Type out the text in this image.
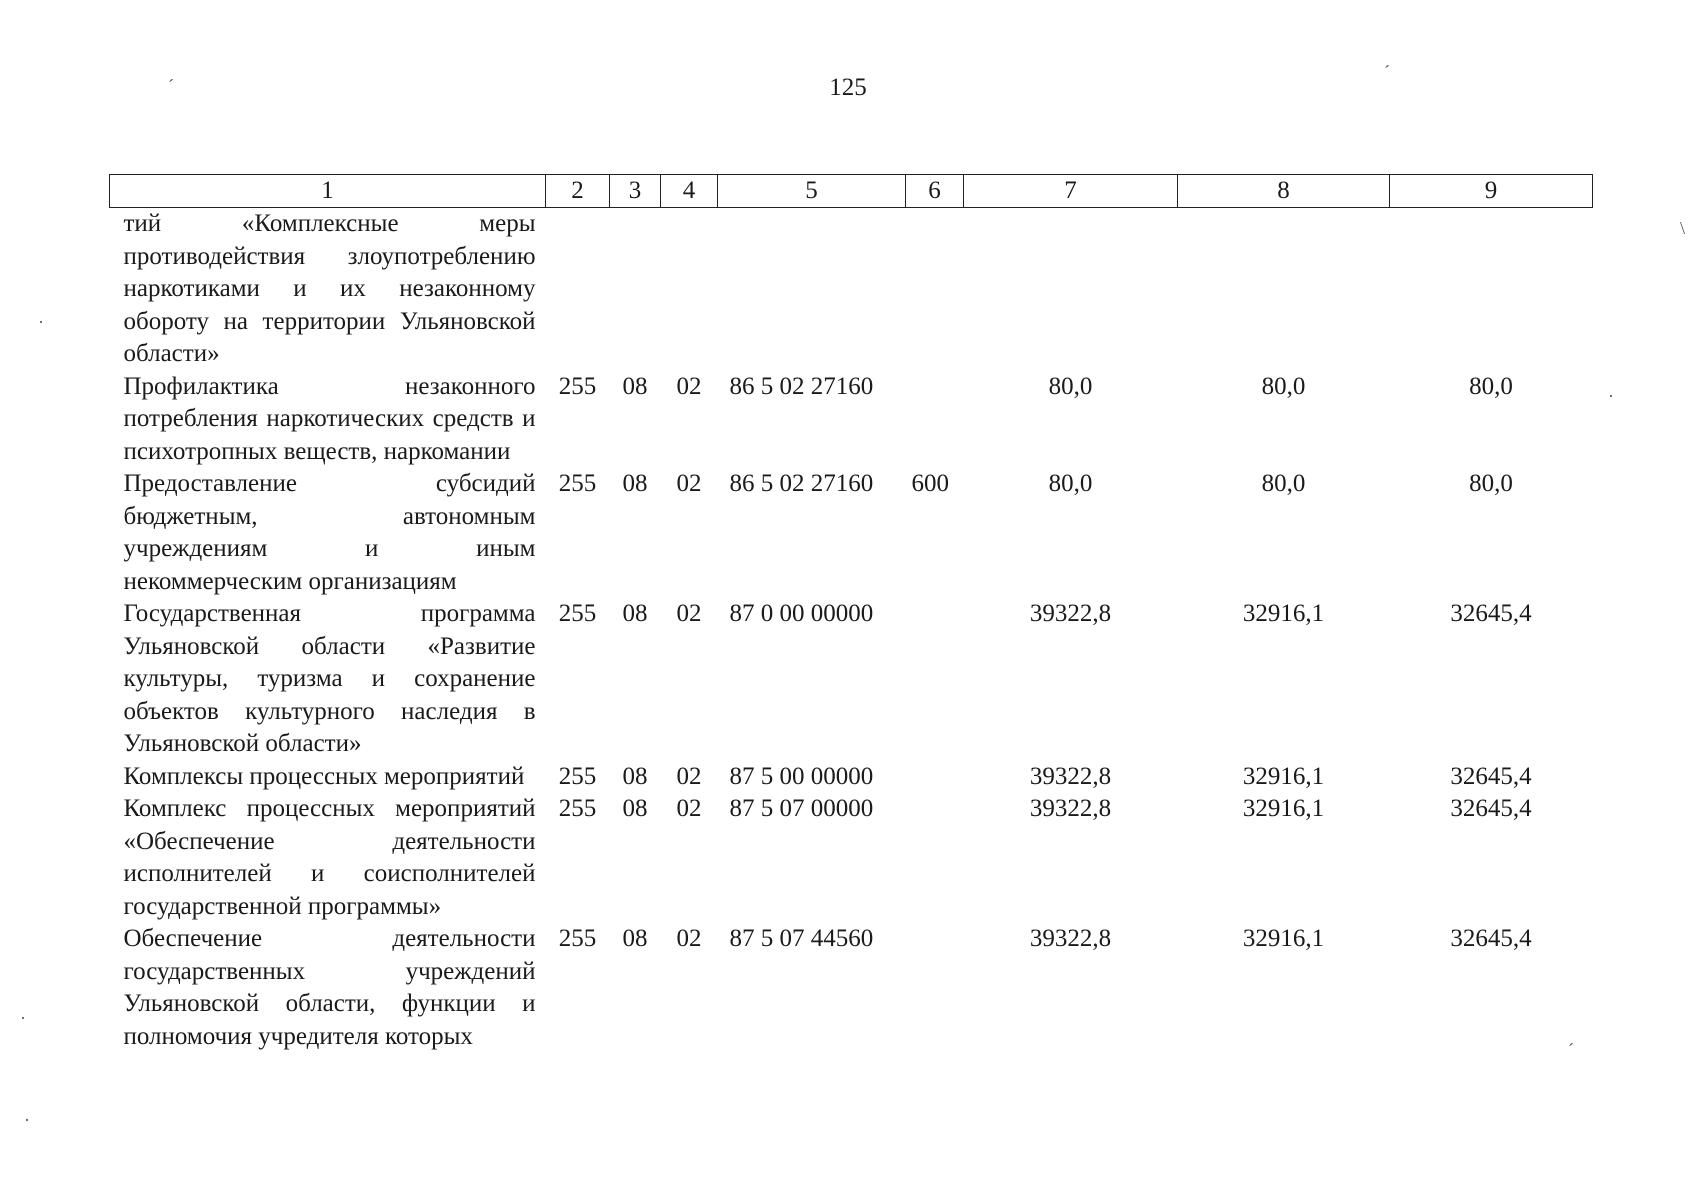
125
1	2	3	4	5	6	7	8	9
тий «Комплексные меры противодействия злоупотреблению наркотиками и их незаконному обороту на территории Ульяновской области»								
Профилактика незаконного потребления наркотических средств и психотропных веществ, наркомании	255	08	02	86 5 02 27160		80,0	80,0	80,0
Предоставление субсидий бюджетным, автономным учреждениям и иным некоммерческим организациям	255	08	02	86 5 02 27160	600	80,0	80,0	80,0
Государственная программа Ульяновской области «Развитие культуры, туризма и сохранение объектов культурного наследия в Ульяновской области»	255	08	02	87 0 00 00000		39322,8	32916,1	32645,4
Комплексы процессных мероприятий	255	08	02	87 5 00 00000		39322,8	32916,1	32645,4
Комплекс процессных мероприятий «Обеспечение деятельности исполнителей и соисполнителей государственной программы»	255	08	02	87 5 07 00000		39322,8	32916,1	32645,4
Обеспечение деятельности государственных учреждений Ульяновской области, функции и полномочия учредителя которых	255	08	02	87 5 07 44560		39322,8	32916,1	32645,4
ˊ
ˊ
\
·
·
·
ˊ
·
